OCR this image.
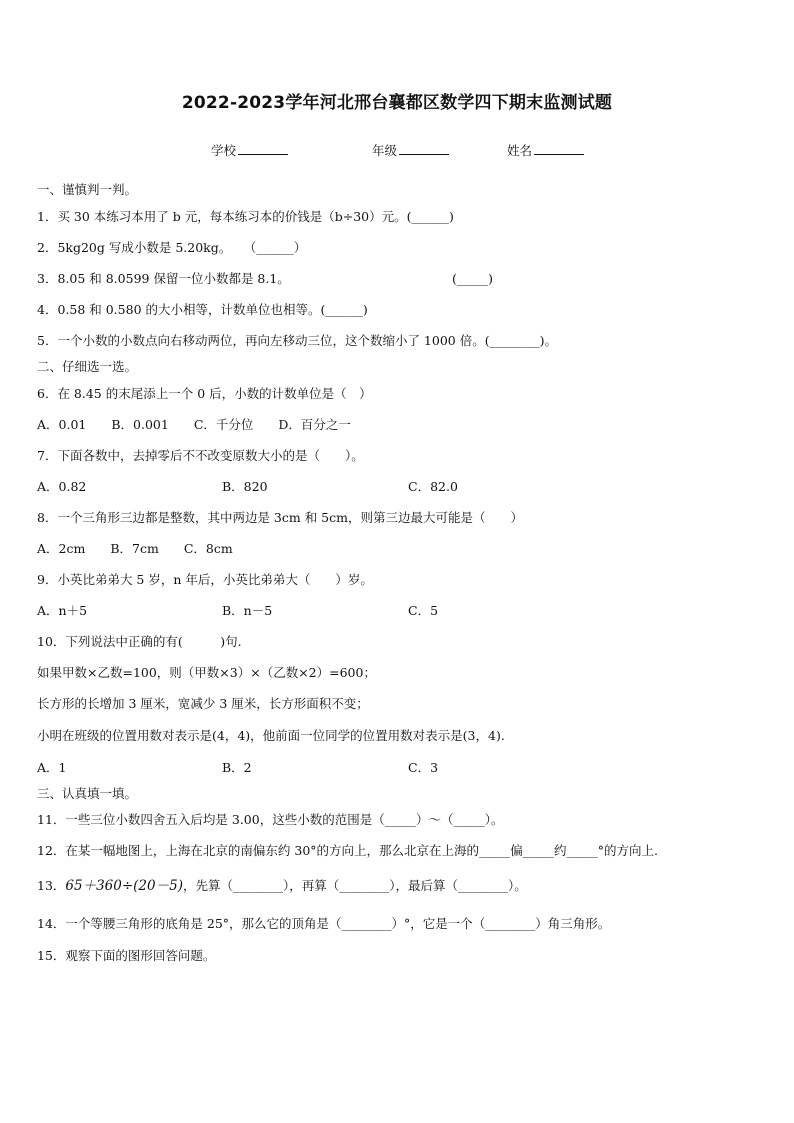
2022-2023学年河北邢台襄都区数学四下期末监测试题
学校	年级	姓名
一、谨慎判一判。
1．买 30 本练习本用了 b 元，每本练习本的价钱是（b÷30）元。(______)
2．5kg20g 写成小数是 5.20kg。　　（______）
3．8.05 和 8.0599 保留一位小数都是 8.1。	(_____)
4．0.58 和 0.580 的大小相等，计数单位也相等。(______)
5．一个小数的小数点向右移动两位，再向左移动三位，这个数缩小了 1000 倍。(________)。
二、仔细选一选。
6．在 8.45 的末尾添上一个 0 后，小数的计数单位是（　）
A．0.01　　B．0.001　　C．千分位　　D．百分之一
7．下面各数中，去掉零后不不改变原数大小的是（　　）。
A．0.82	B．820	C．82.0
8．一个三角形三边都是整数，其中两边是 3cm 和 5cm，则第三边最大可能是（　　）
A．2cm　　B．7cm　　C．8cm
9．小英比弟弟大 5 岁，n 年后，小英比弟弟大（　　）岁。
A．n＋5	B．n－5	C．5
10．下列说法中正确的有(　　　)句.
如果甲数×乙数=100，则（甲数×3）×（乙数×2）=600；
长方形的长增加 3 厘米，宽减少 3 厘米，长方形面积不变；
小明在班级的位置用数对表示是(4，4)，他前面一位同学的位置用数对表示是(3，4).
A．1	B．2	C．3
三、认真填一填。
11．一些三位小数四舍五入后均是 3.00，这些小数的范围是（_____）～（_____）。
12．在某一幅地图上，上海在北京的南偏东约 30°的方向上，那么北京在上海的_____偏_____约_____°的方向上.
13．65＋360÷(20－5)，先算（________），再算（________），最后算（________）。
14．一个等腰三角形的底角是 25°，那么它的顶角是（________）°，它是一个（________）角三角形。
15．观察下面的图形回答问题。
